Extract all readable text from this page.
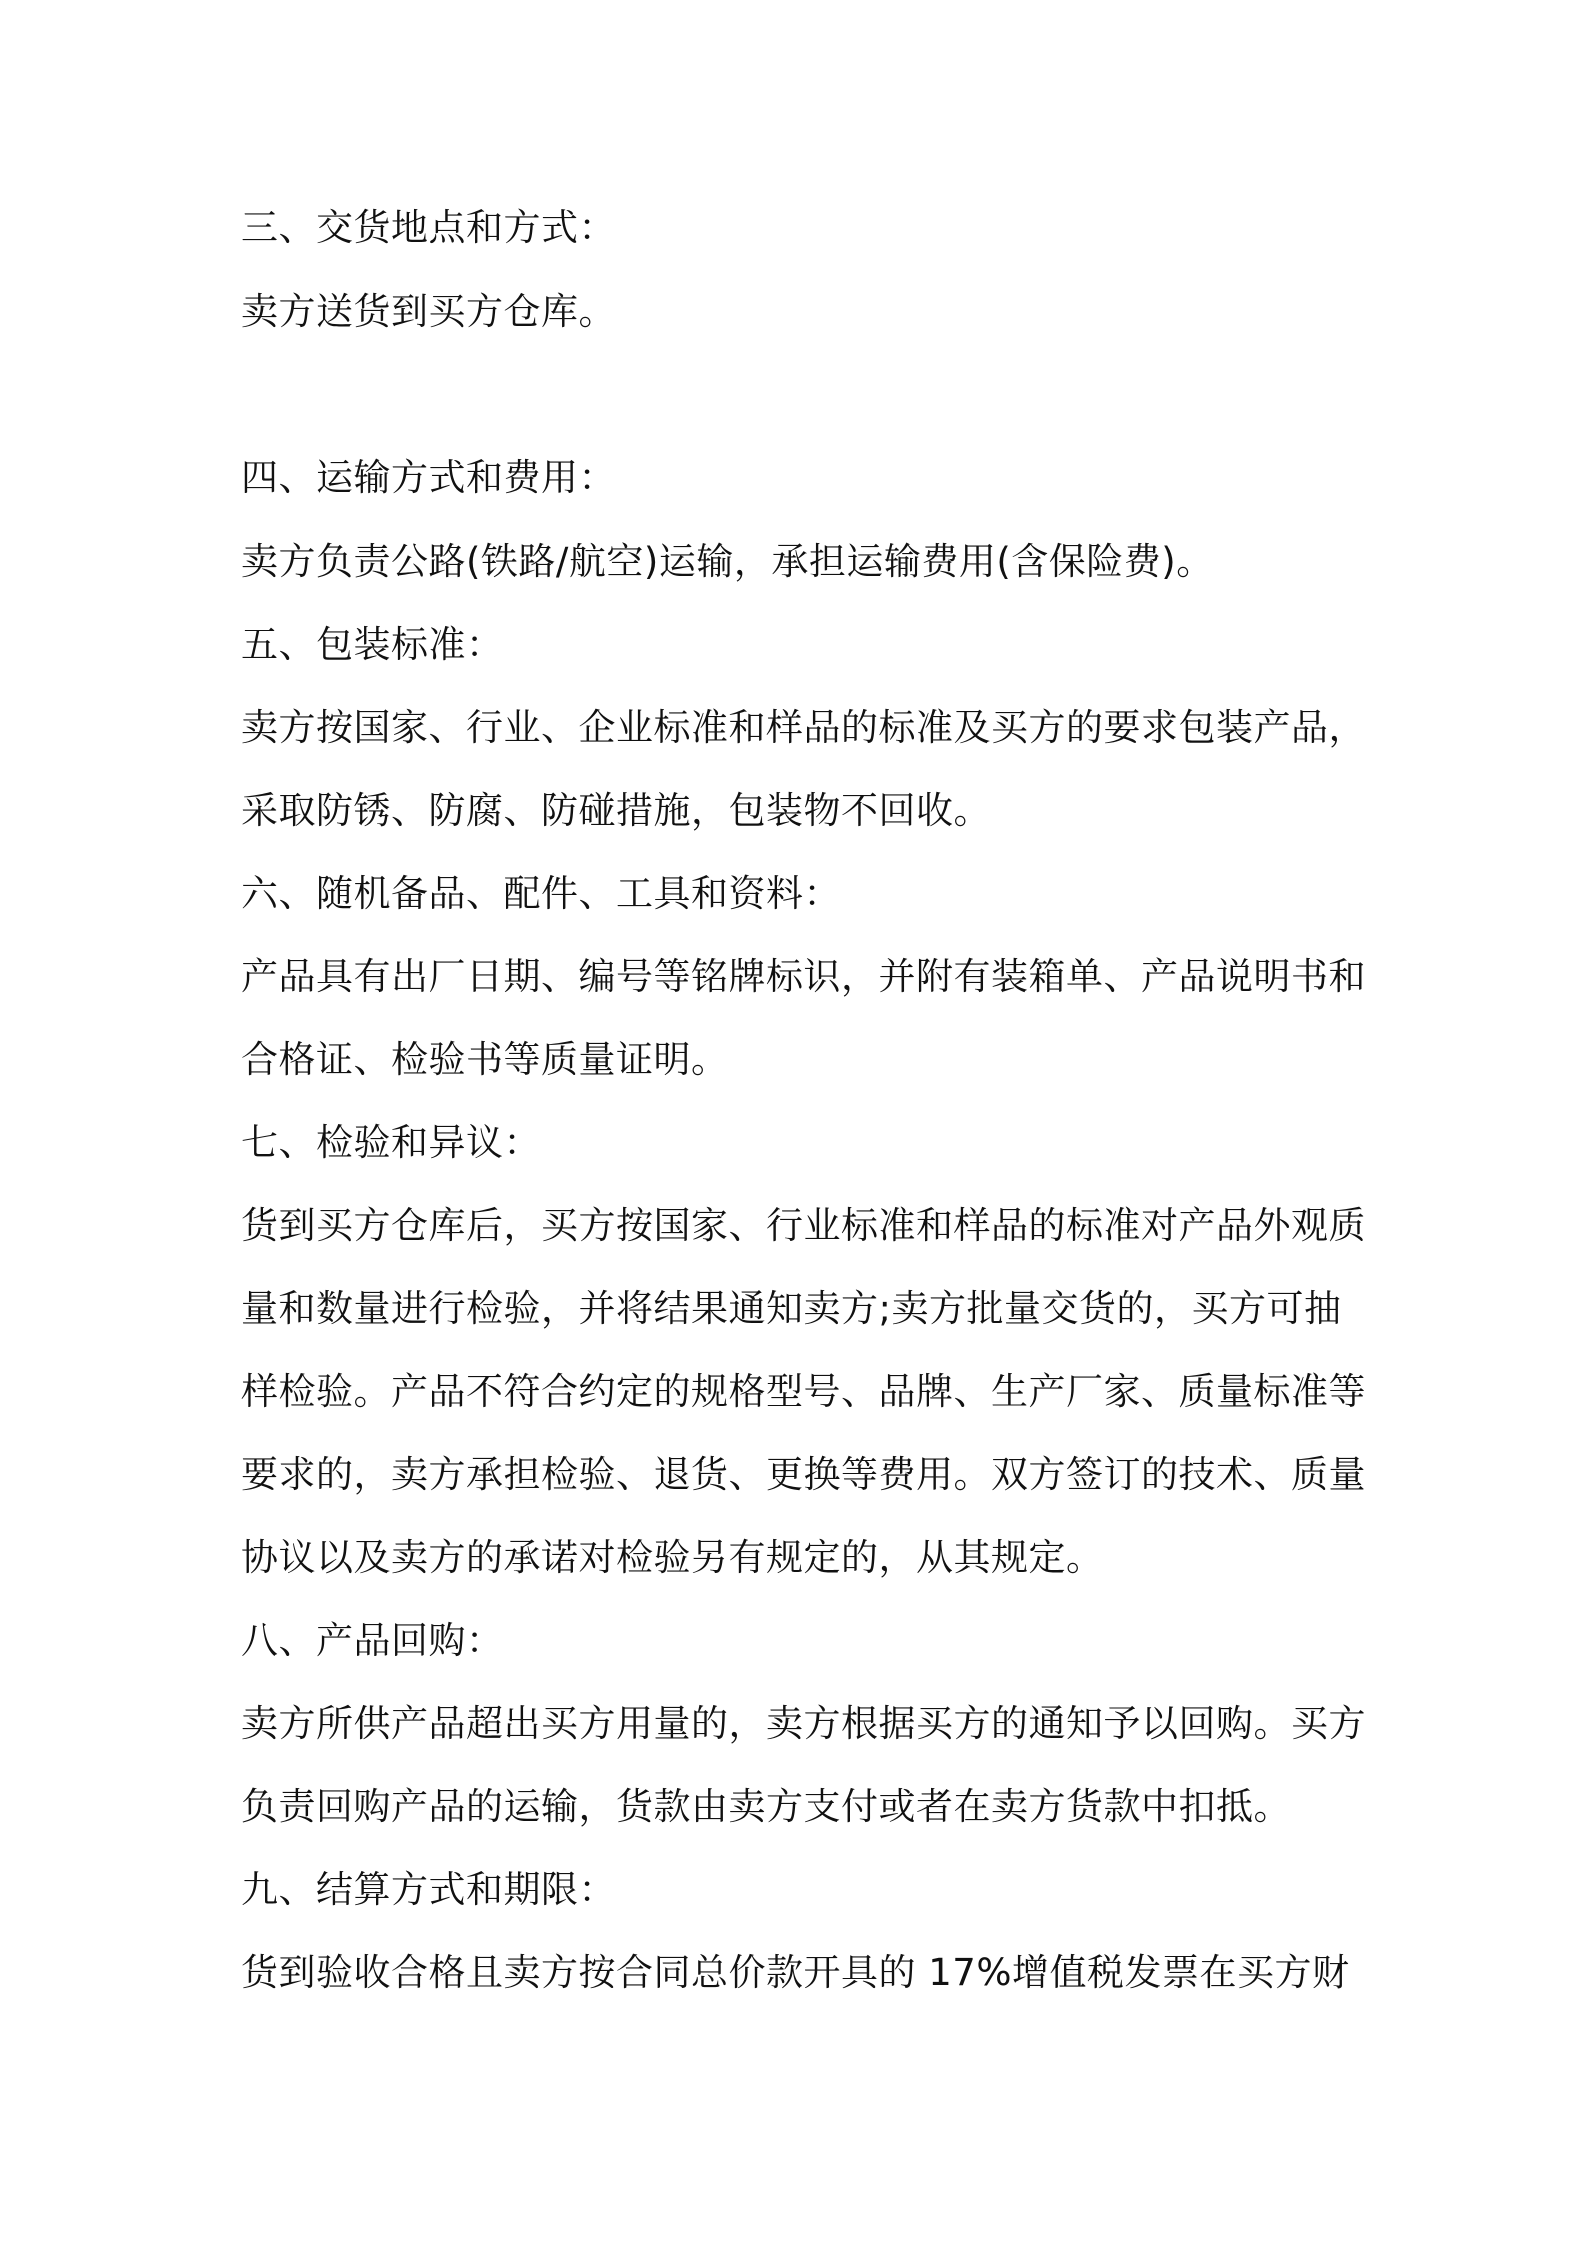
三、交货地点和方式：
卖方送货到买方仓库。
四、运输方式和费用：
卖方负责公路(铁路/航空)运输，承担运输费用(含保险费)。
五、包装标准：
卖方按国家、行业、企业标准和样品的标准及买方的要求包装产品，
采取防锈、防腐、防碰措施，包装物不回收。
六、随机备品、配件、工具和资料：
产品具有出厂日期、编号等铭牌标识，并附有装箱单、产品说明书和
合格证、检验书等质量证明。
七、检验和异议：
货到买方仓库后，买方按国家、行业标准和样品的标准对产品外观质
量和数量进行检验，并将结果通知卖方;卖方批量交货的，买方可抽
样检验。产品不符合约定的规格型号、品牌、生产厂家、质量标准等
要求的，卖方承担检验、退货、更换等费用。双方签订的技术、质量
协议以及卖方的承诺对检验另有规定的，从其规定。
八、产品回购：
卖方所供产品超出买方用量的，卖方根据买方的通知予以回购。买方
负责回购产品的运输，货款由卖方支付或者在卖方货款中扣抵。
九、结算方式和期限：
货到验收合格且卖方按合同总价款开具的 17%增值税发票在买方财
